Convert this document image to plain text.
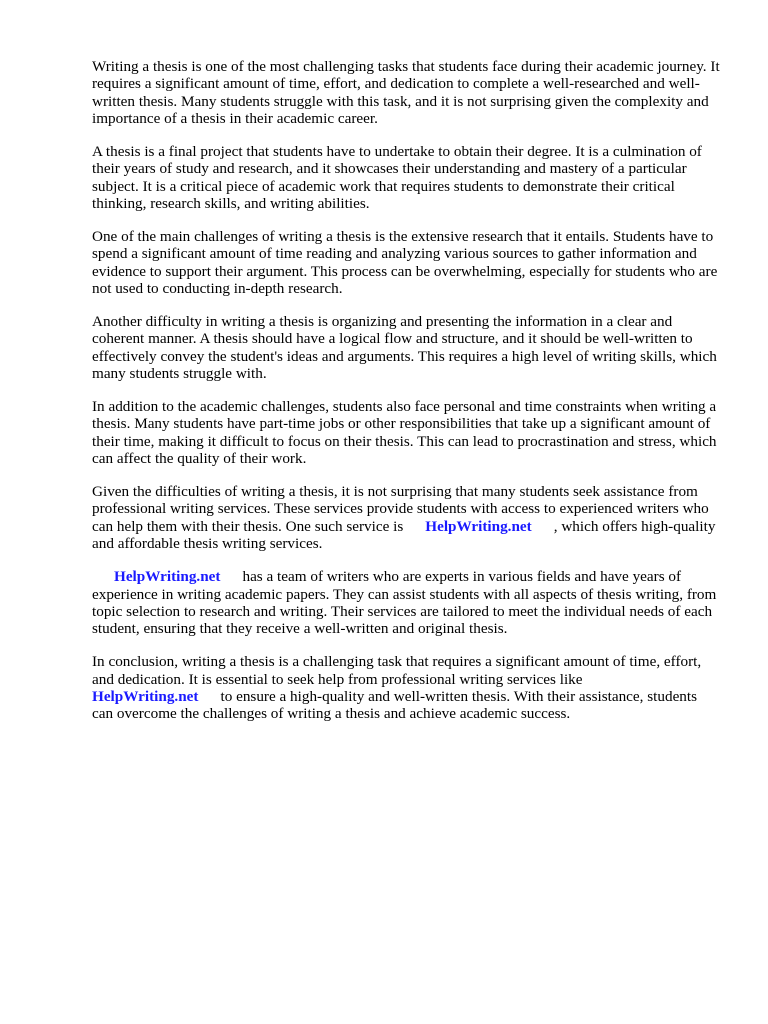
Writing a thesis is one of the most challenging tasks that students face during their academic journey. It requires a significant amount of time, effort, and dedication to complete a well-researched and well-written thesis. Many students struggle with this task, and it is not surprising given the complexity and importance of a thesis in their academic career.

A thesis is a final project that students have to undertake to obtain their degree. It is a culmination of their years of study and research, and it showcases their understanding and mastery of a particular subject. It is a critical piece of academic work that requires students to demonstrate their critical thinking, research skills, and writing abilities.

One of the main challenges of writing a thesis is the extensive research that it entails. Students have to spend a significant amount of time reading and analyzing various sources to gather information and evidence to support their argument. This process can be overwhelming, especially for students who are not used to conducting in-depth research.

Another difficulty in writing a thesis is organizing and presenting the information in a clear and coherent manner. A thesis should have a logical flow and structure, and it should be well-written to effectively convey the student's ideas and arguments. This requires a high level of writing skills, which many students struggle with.

In addition to the academic challenges, students also face personal and time constraints when writing a thesis. Many students have part-time jobs or other responsibilities that take up a significant amount of their time, making it difficult to focus on their thesis. This can lead to procrastination and stress, which can affect the quality of their work.

Given the difficulties of writing a thesis, it is not surprising that many students seek assistance from professional writing services. These services provide students with access to experienced writers who can help them with their thesis. One such service is HelpWriting.net , which offers high-quality and affordable thesis writing services.

HelpWriting.net has a team of writers who are experts in various fields and have years of experience in writing academic papers. They can assist students with all aspects of thesis writing, from topic selection to research and writing. Their services are tailored to meet the individual needs of each student, ensuring that they receive a well-written and original thesis.

In conclusion, writing a thesis is a challenging task that requires a significant amount of time, effort, and dedication. It is essential to seek help from professional writing services like
HelpWriting.net to ensure a high-quality and well-written thesis. With their assistance, students can overcome the challenges of writing a thesis and achieve academic success.
